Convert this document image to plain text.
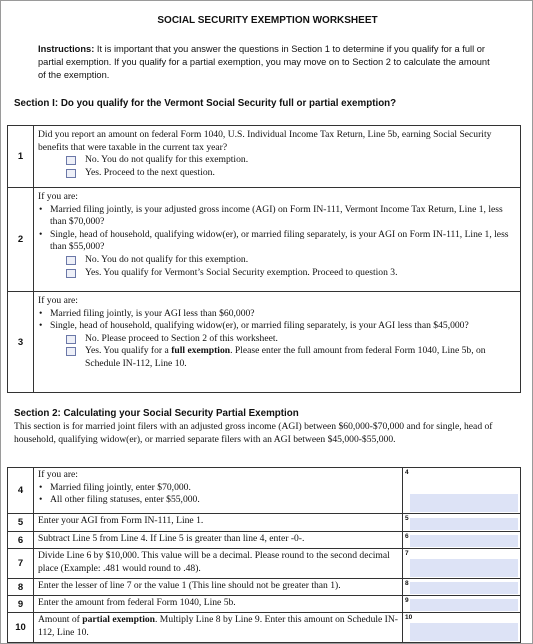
SOCIAL SECURITY EXEMPTION WORKSHEET
Instructions: It is important that you answer the questions in Section 1 to determine if you qualify for a full or partial exemption. If you qualify for a partial exemption, you may move on to Section 2 to calculate the amount of the exemption.
Section I: Do you qualify for the Vermont Social Security full or partial exemption?
1	Did you report an amount on federal Form 1040, U.S. Individual Income Tax Return, Line 5b, earning Social Security benefits that were taxable in the current tax year?
No. You do not qualify for this exemption.
Yes. Proceed to the next question.

2	If you are:
• Married filing jointly, is your adjusted gross income (AGI) on Form IN-111, Vermont Income Tax Return, Line 1, less than $70,000?
• Single, head of household, qualifying widow(er), or married filing separately, is your AGI on Form IN-111, Line 1, less than $55,000?
No. You do not qualify for this exemption.
Yes. You qualify for Vermont’s Social Security exemption. Proceed to question 3.

3	If you are:
• Married filing jointly, is your AGI less than $60,000?
• Single, head of household, qualifying widow(er), or married filing separately, is your AGI less than $45,000?
No. Please proceed to Section 2 of this worksheet.
Yes. You qualify for a full exemption. Please enter the full amount from federal Form 1040, Line 5b, on Schedule IN-112, Line 10.
Section 2: Calculating your Social Security Partial Exemption
This section is for married joint filers with an adjusted gross income (AGI) between $60,000-$70,000 and for single, head of household, qualifying widow(er), or married separate filers with an AGI between $45,000-$55,000.
4	If you are:
• Married filing jointly, enter $70,000.
• All other filing statuses, enter $55,000.	4

5	Enter your AGI from Form IN-111, Line 1.	5

6	Subtract Line 5 from Line 4. If Line 5 is greater than line 4, enter -0-.	6

7	Divide Line 6 by $10,000. This value will be a decimal. Please round to the second decimal place (Example: .481 would round to .48).	7

8	Enter the lesser of line 7 or the value 1 (This line should not be greater than 1).	8

9	Enter the amount from federal Form 1040, Line 5b.	9

10	Amount of partial exemption. Multiply Line 8 by Line 9. Enter this amount on Schedule IN-112, Line 10.	10
